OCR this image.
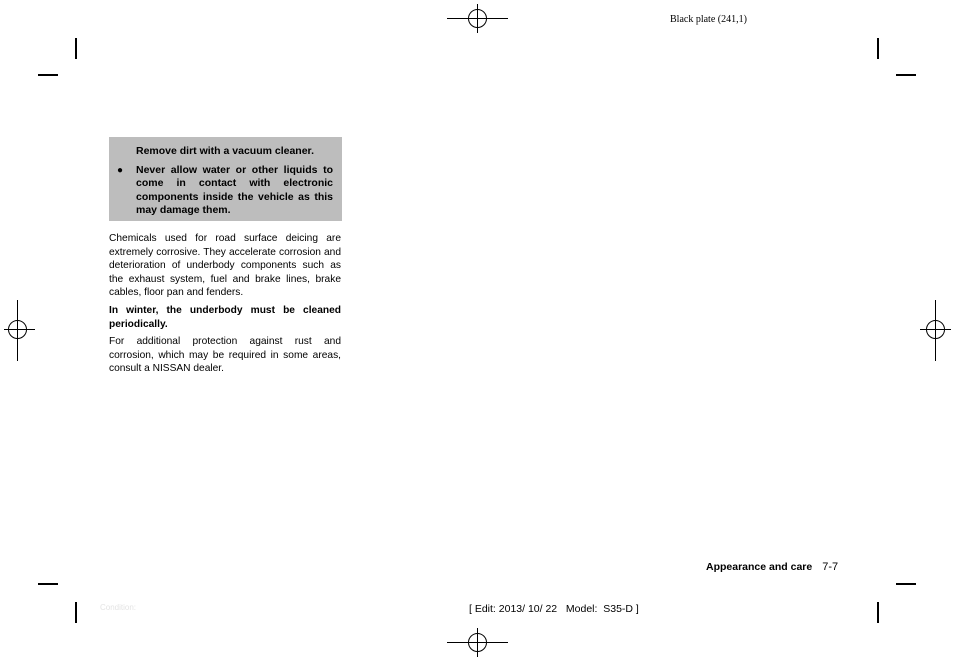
Black plate (241,1)
Remove dirt with a vacuum cleaner.
● Never allow water or other liquids to come in contact with electronic components inside the vehicle as this may damage them.
Chemicals used for road surface deicing are extremely corrosive. They accelerate corrosion and deterioration of underbody components such as the exhaust system, fuel and brake lines, brake cables, floor pan and fenders.
In winter, the underbody must be cleaned periodically.
For additional protection against rust and corrosion, which may be required in some areas, consult a NISSAN dealer.
Appearance and care 7-7
Condition:	[ Edit: 2013/ 10/ 22   Model:  S35-D ]
